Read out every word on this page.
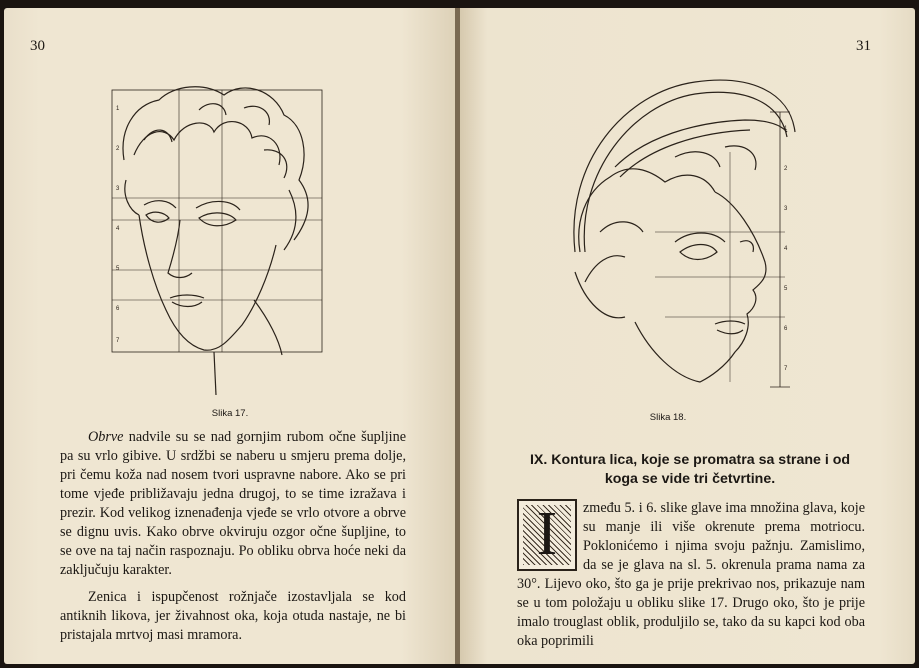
30
1
2
3
4
5
6
7
Slika 17.

Obrve nadvile su se nad gornjim rubom očne šupljine pa su vrlo gibive. U srdžbi se naberu u smjeru prema dolje, pri čemu koža nad nosem tvori uspravne nabore. Ako se pri tome vjeđe približavaju jedna drugoj, to se time izražava i prezir. Kod velikog iznenađenja vjeđe se vrlo otvore a obrve se dignu uvis. Kako obrve okviruju ozgor očne šupljine, to se ove na taj način raspoznaju. Po obliku obrva hoće neki da zaključuju karakter.

Zenica i ispupčenost rožnjače izostavljala se kod antiknih likova, jer živahnost oka, koja otuda nastaje, ne bi pristajala mrtvoj masi mramora.

31
1
2
3
4
5
6
7
Slika 18.
IX. Kontura lica, koje se promatra sa strane i od koga se vide tri četvrtine.
I	zmeđu 5. i 6. slike glave ima množina glava, koje su manje ili više okrenute prema motriocu. Poklonićemo i njima svoju pažnju. Zamislimo, da se je glava na sl. 5. okrenula prama nama za 30°. Lijevo oko, što ga je prije prekrivao nos, prikazuje nam se u tom položaju u obliku slike 17. Drugo oko, što je prije imalo trouglast oblik, produljilo se, tako da su kapci kod oba oka poprimili
